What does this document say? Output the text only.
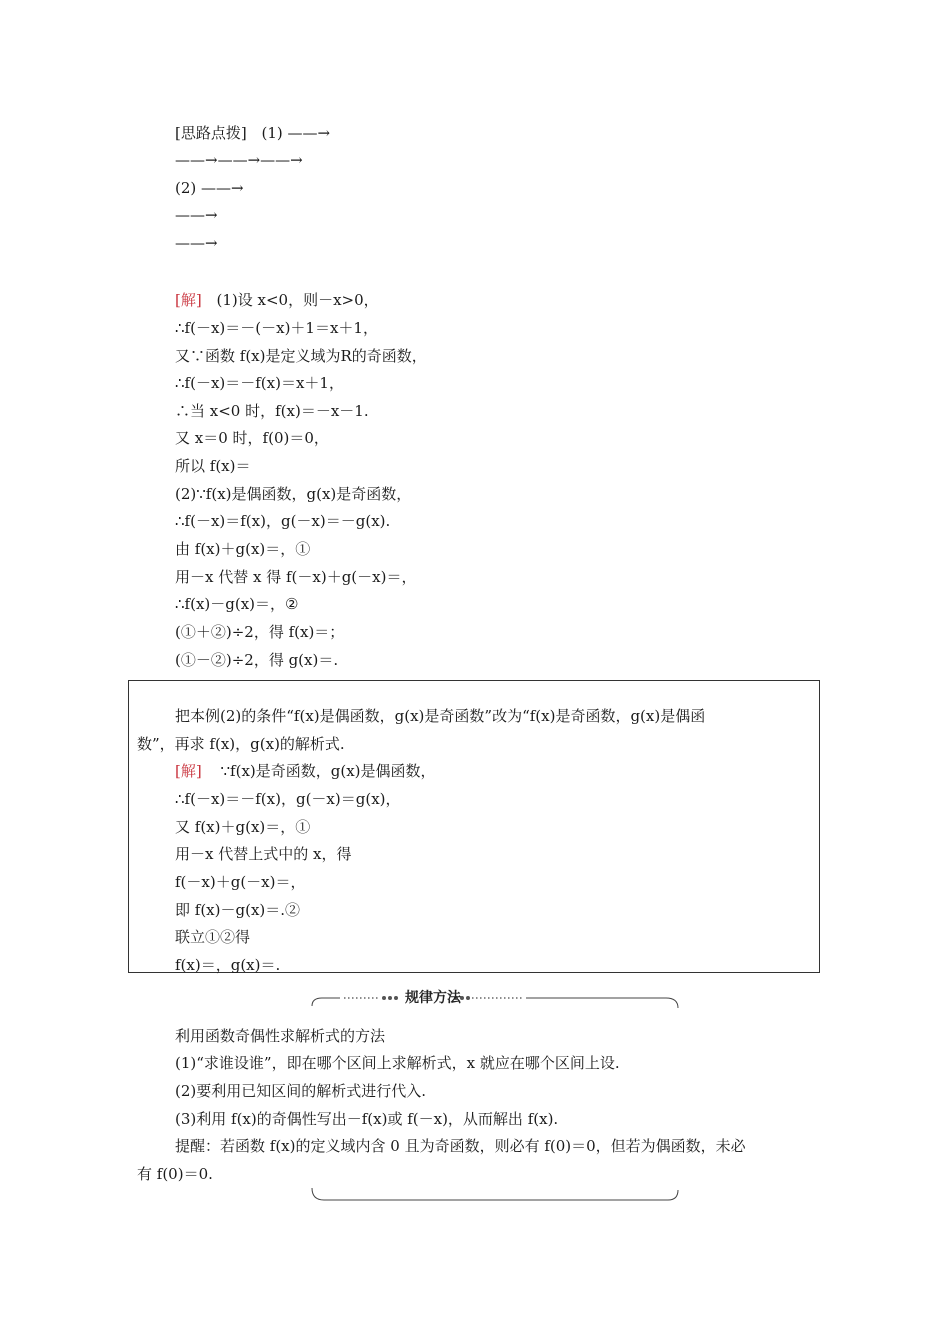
[思路点拨] (1) ——→
——→——→——→
(2) ——→
——→
——→
[解] (1)设 x<0，则－x>0，
∴f(－x)＝－(－x)＋1＝x＋1，
又∵函数 f(x)是定义域为R的奇函数，
∴f(－x)＝－f(x)＝x＋1，
∴当 x<0 时，f(x)＝－x－1.
又 x＝0 时，f(0)＝0，
所以 f(x)＝
(2)∵f(x)是偶函数，g(x)是奇函数，
∴f(－x)＝f(x)，g(－x)＝－g(x).
由 f(x)＋g(x)＝，①
用－x 代替 x 得 f(－x)＋g(－x)＝，
∴f(x)－g(x)＝，②
(①＋②)÷2，得 f(x)＝；
(①－②)÷2，得 g(x)＝.
把本例(2)的条件“f(x)是偶函数，g(x)是奇函数”改为“f(x)是奇函数，g(x)是偶函
数”，再求 f(x)，g(x)的解析式.
[解] ∵f(x)是奇函数，g(x)是偶函数，
∴f(－x)＝－f(x)，g(－x)＝g(x)，
又 f(x)＋g(x)＝，①
用－x 代替上式中的 x，得
f(－x)＋g(－x)＝，
即 f(x)－g(x)＝.②
联立①②得
f(x)＝，g(x)＝.
规律方法
利用函数奇偶性求解析式的方法
(1)“求谁设谁”，即在哪个区间上求解析式，x 就应在哪个区间上设.
(2)要利用已知区间的解析式进行代入.
(3)利用 f(x)的奇偶性写出－f(x)或 f(－x)，从而解出 f(x).
提醒：若函数 f(x)的定义域内含 0 且为奇函数，则必有 f(0)＝0，但若为偶函数，未必
有 f(0)＝0.
